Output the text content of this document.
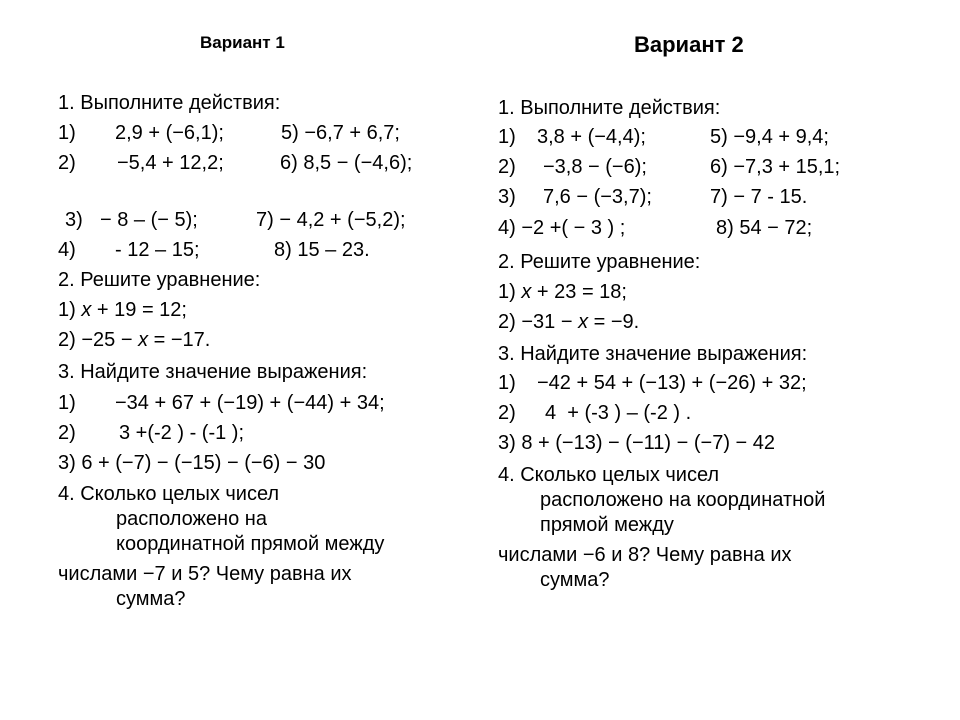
Вариант 1
1. Выполните действия:
1) 2,9 + (−6,1);	5) −6,7 + 6,7;
2) −5,4 + 12,2;	6) 8,5 − (−4,6);
3) − 8 – (− 5);	7) − 4,2 + (−5,2);
4) - 12 – 15;	8) 15 – 23.
2. Решите уравнение:
1) x + 19 = 12;
2) −25 − x = −17.
3. Найдите значение выражения:
1) −34 + 67 + (−19) + (−44) + 34;
2) 3 +(-2 ) - (-1 );
3) 6 + (−7) − (−15) − (−6) − 30
4. Сколько целых чисел
расположено на
координатной прямой между
числами −7 и 5? Чему равна их
сумма?
Вариант 2
1. Выполните действия:
1) 3,8 + (−4,4);	5) −9,4 + 9,4;
2) −3,8 − (−6);	6) −7,3 + 15,1;
3) 7,6 − (−3,7);	7) − 7 - 15.
4) −2 +( − 3 ) ;	8) 54 − 72;
2. Решите уравнение:
1) x + 23 = 18;
2) −31 − x = −9.
3. Найдите значение выражения:
1) −42 + 54 + (−13) + (−26) + 32;
2) 4  + (-3 ) – (-2 ) .
3) 8 + (−13) − (−11) − (−7) − 42
4. Сколько целых чисел
расположено на координатной
прямой между
числами −6 и 8? Чему равна их
сумма?
